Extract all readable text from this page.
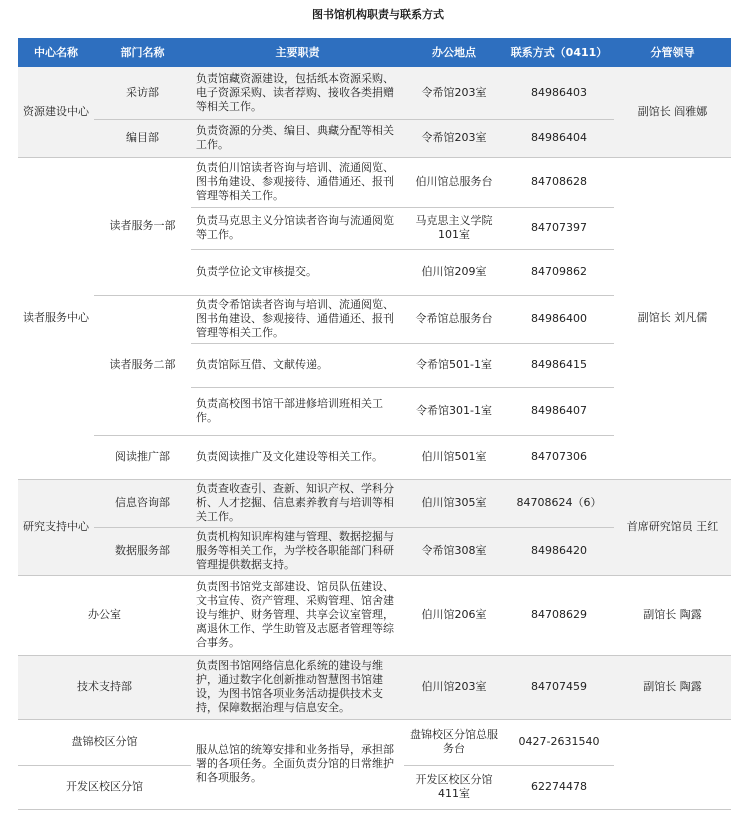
图书馆机构职责与联系方式
中心名称	部门名称	主要职责	办公地点	联系方式（0411）	分管领导
资源建设中心	采访部	负责馆藏资源建设，包括纸本资源采购、电子资源采购、读者荐购、接收各类捐赠等相关工作。	令希馆203室	84986403	副馆长 阎雅娜
	编目部	负责资源的分类、编目、典藏分配等相关工作。	令希馆203室	84986404	
读者服务中心	读者服务一部	负责伯川馆读者咨询与培训、流通阅览、图书角建设、参观接待、通借通还、报刊管理等相关工作。	伯川馆总服务台	84708628	副馆长 刘凡儒
		负责马克思主义分馆读者咨询与流通阅览等工作。	马克思主义学院101室	84707397	
		负责学位论文审核提交。	伯川馆209室	84709862	
	读者服务二部	负责令希馆读者咨询与培训、流通阅览、图书角建设、参观接待、通借通还、报刊管理等相关工作。	令希馆总服务台	84986400	
		负责馆际互借、文献传递。	令希馆501-1室	84986415	
		负责高校图书馆干部进修培训班相关工作。	令希馆301-1室	84986407	
	阅读推广部	负责阅读推广及文化建设等相关工作。	伯川馆501室	84707306	
研究支持中心	信息咨询部	负责查收查引、查新、知识产权、学科分析、人才挖掘、信息素养教育与培训等相关工作。	伯川馆305室	84708624（6）	首席研究馆员 王红
	数据服务部	负责机构知识库构建与管理、数据挖掘与服务等相关工作，为学校各职能部门科研管理提供数据支持。	令希馆308室	84986420	
办公室		负责图书馆党支部建设、馆员队伍建设、文书宣传、资产管理、采购管理、馆舍建设与维护、财务管理、共享会议室管理，离退休工作、学生助管及志愿者管理等综合事务。	伯川馆206室	84708629	副馆长 陶露
技术支持部		负责图书馆网络信息化系统的建设与维护，通过数字化创新推动智慧图书馆建设，为图书馆各项业务活动提供技术支持，保障数据治理与信息安全。	伯川馆203室	84707459	副馆长 陶露
盘锦校区分馆		服从总馆的统筹安排和业务指导，承担部署的各项任务。全面负责分馆的日常维护和各项服务。	盘锦校区分馆总服务台	0427-2631540	
开发区校区分馆			开发区校区分馆411室	62274478	
